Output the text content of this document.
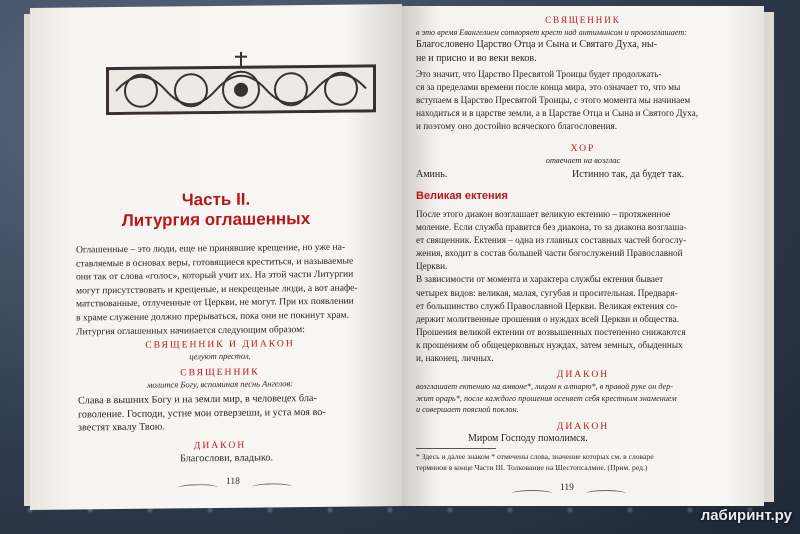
Часть II.
Литургия оглашенных
Оглашенные – это люди, еще не принявшие крещение, но уже на-
ставляемые в основах веры, готовящиеся креститься, и называемые
они так от слова «голос», который учит их. На этой части Литургии
могут присутствовать и крещеные, и некрещеные люди, а вот анафе-
матствованные, отлученные от Церкви, не могут. При их появлении
в храме служение должно прерываться, пока они не покинут храм.
Литургия оглашенных начинается следующим образом:
СВЯЩЕННИК И ДИАКОН
целуют престол.
СВЯЩЕННИК
молится Богу, вспоминая песнь Ангелов:
Слава в вышних Богу и на земли мир, в человецех бла-
говоление. Господи, устне мои отверзеши, и уста моя во-
звестят хвалу Твою.
ДИАКОН
Благослови, владыко.
118
СВЯЩЕННИК
в это время Евангелием сотворяет крест над антиминсом и провозглашает:
Благословено Царство Отца и Сына и Святаго Духа, ны-
не и присно и во веки веков.
Это значит, что Царство Пресвятой Троицы будет продолжать-
ся за пределами времени после конца мира, это означает то, что мы
вступаем в Царство Пресвятой Троицы, с этого момента мы начинаем
находиться и в царстве земли, а в Царстве Отца и Сына и Святого Духа,
и поэтому оно достойно всяческого благословения.
ХОР
отвечает на возглас
Аминь.	Истинно так, да будет так.
Великая ектения
После этого диакон возглашает великую ектению – протяженное
моление. Если служба правится без диакона, то за диакона возглаша-
ет священник. Ектения – одна из главных составных частей богослу-
жения, входит в состав большей части богослужений Православной
Церкви.
В зависимости от момента и характера службы ектения бывает
четырех видов: великая, малая, сугубая и просительная. Предваря-
ет большинство служб Православной Церкви. Великая ектения со-
держит молитвенные прошения о нуждах всей Церкви и общества.
Прошения великой ектении от возвышенных постепенно снижаются
к прошениям об общецерковных нуждах, затем земных, обыденных
и, наконец, личных.
ДИАКОН
возглашает ектению на амвоне*, лицом к алтарю*, в правой руке он дер-
жит орарь*, после каждого прошения осеняет себя крестным знамением
и совершает поясной поклон.
ДИАКОН
Миром Господу помолимся.
* Здесь и далее знаком * отмечены слова, значение которых см. в словаре
терминов в конце Части III. Толкование на Шестопсалмие. (Прим. ред.)
119
лабиринт.ру
